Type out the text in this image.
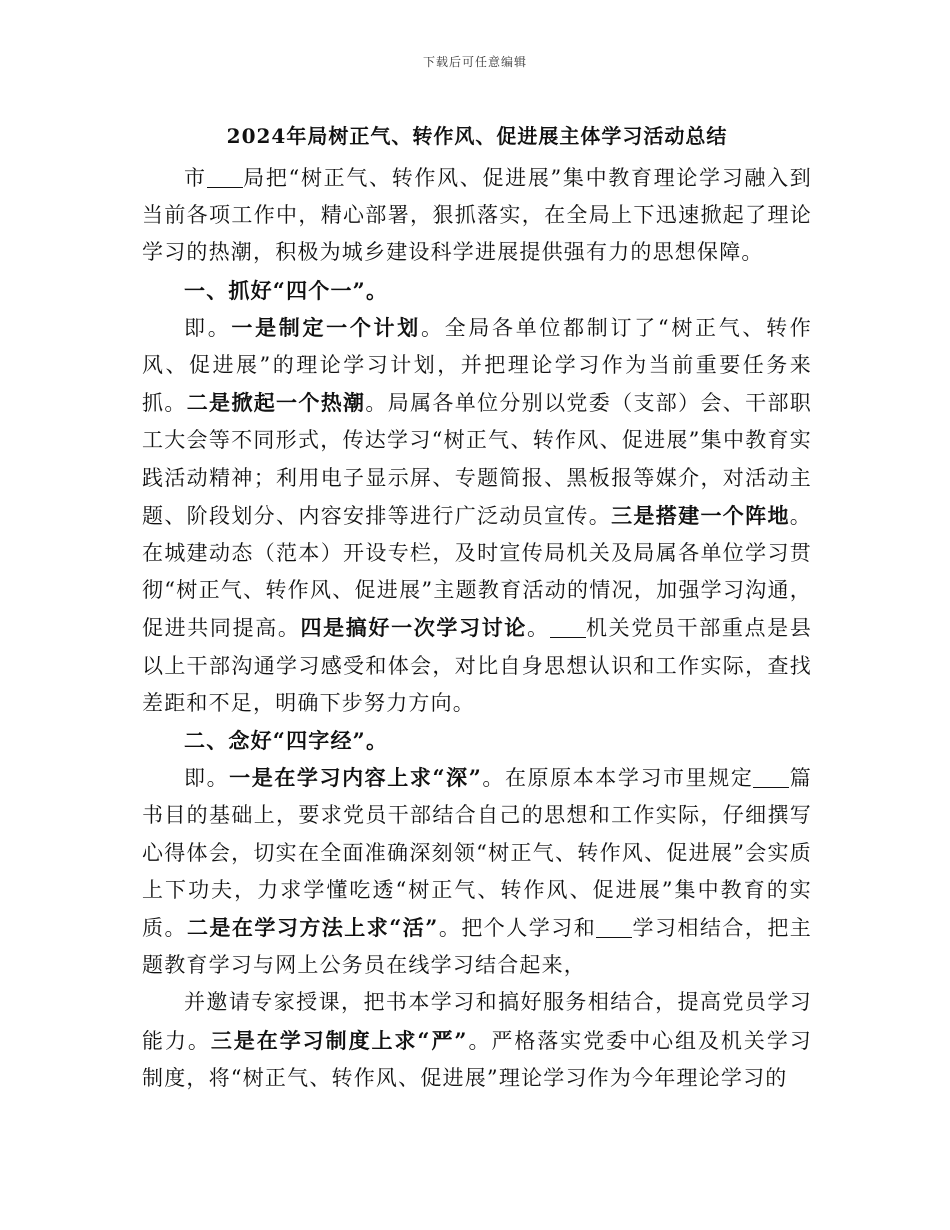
下载后可任意编辑
2024年局树正气、转作风、促进展主体学习活动总结

市 局把“树正气、转作风、促进展”集中教育理论学习融入到当前各项工作中，精心部署，狠抓落实，在全局上下迅速掀起了理论学习的热潮，积极为城乡建设科学进展提供强有力的思想保障。

一、抓好“四个一”。

即。一是制定一个计划。全局各单位都制订了“树正气、转作风、促进展”的理论学习计划，并把理论学习作为当前重要任务来抓。二是掀起一个热潮。局属各单位分别以党委（支部）会、干部职工大会等不同形式，传达学习“树正气、转作风、促进展”集中教育实践活动精神；利用电子显示屏、专题简报、黑板报等媒介，对活动主题、阶段划分、内容安排等进行广泛动员宣传。三是搭建一个阵地。在城建动态（范本）开设专栏，及时宣传局机关及局属各单位学习贯彻“树正气、转作风、促进展”主题教育活动的情况，加强学习沟通，促进共同提高。四是搞好一次学习讨论。 机关党员干部重点是县以上干部沟通学习感受和体会，对比自身思想认识和工作实际，查找差距和不足，明确下步努力方向。

二、念好“四字经”。

即。一是在学习内容上求“深”。在原原本本学习市里规定 篇书目的基础上，要求党员干部结合自己的思想和工作实际，仔细撰写心得体会，切实在全面准确深刻领“树正气、转作风、促进展”会实质上下功夫，力求学懂吃透“树正气、转作风、促进展”集中教育的实质。二是在学习方法上求“活”。把个人学习和 学习相结合，把主题教育学习与网上公务员在线学习结合起来，

并邀请专家授课，把书本学习和搞好服务相结合，提高党员学习能力。三是在学习制度上求“严”。严格落实党委中心组及机关学习制度，将“树正气、转作风、促进展”理论学习作为今年理论学习的
